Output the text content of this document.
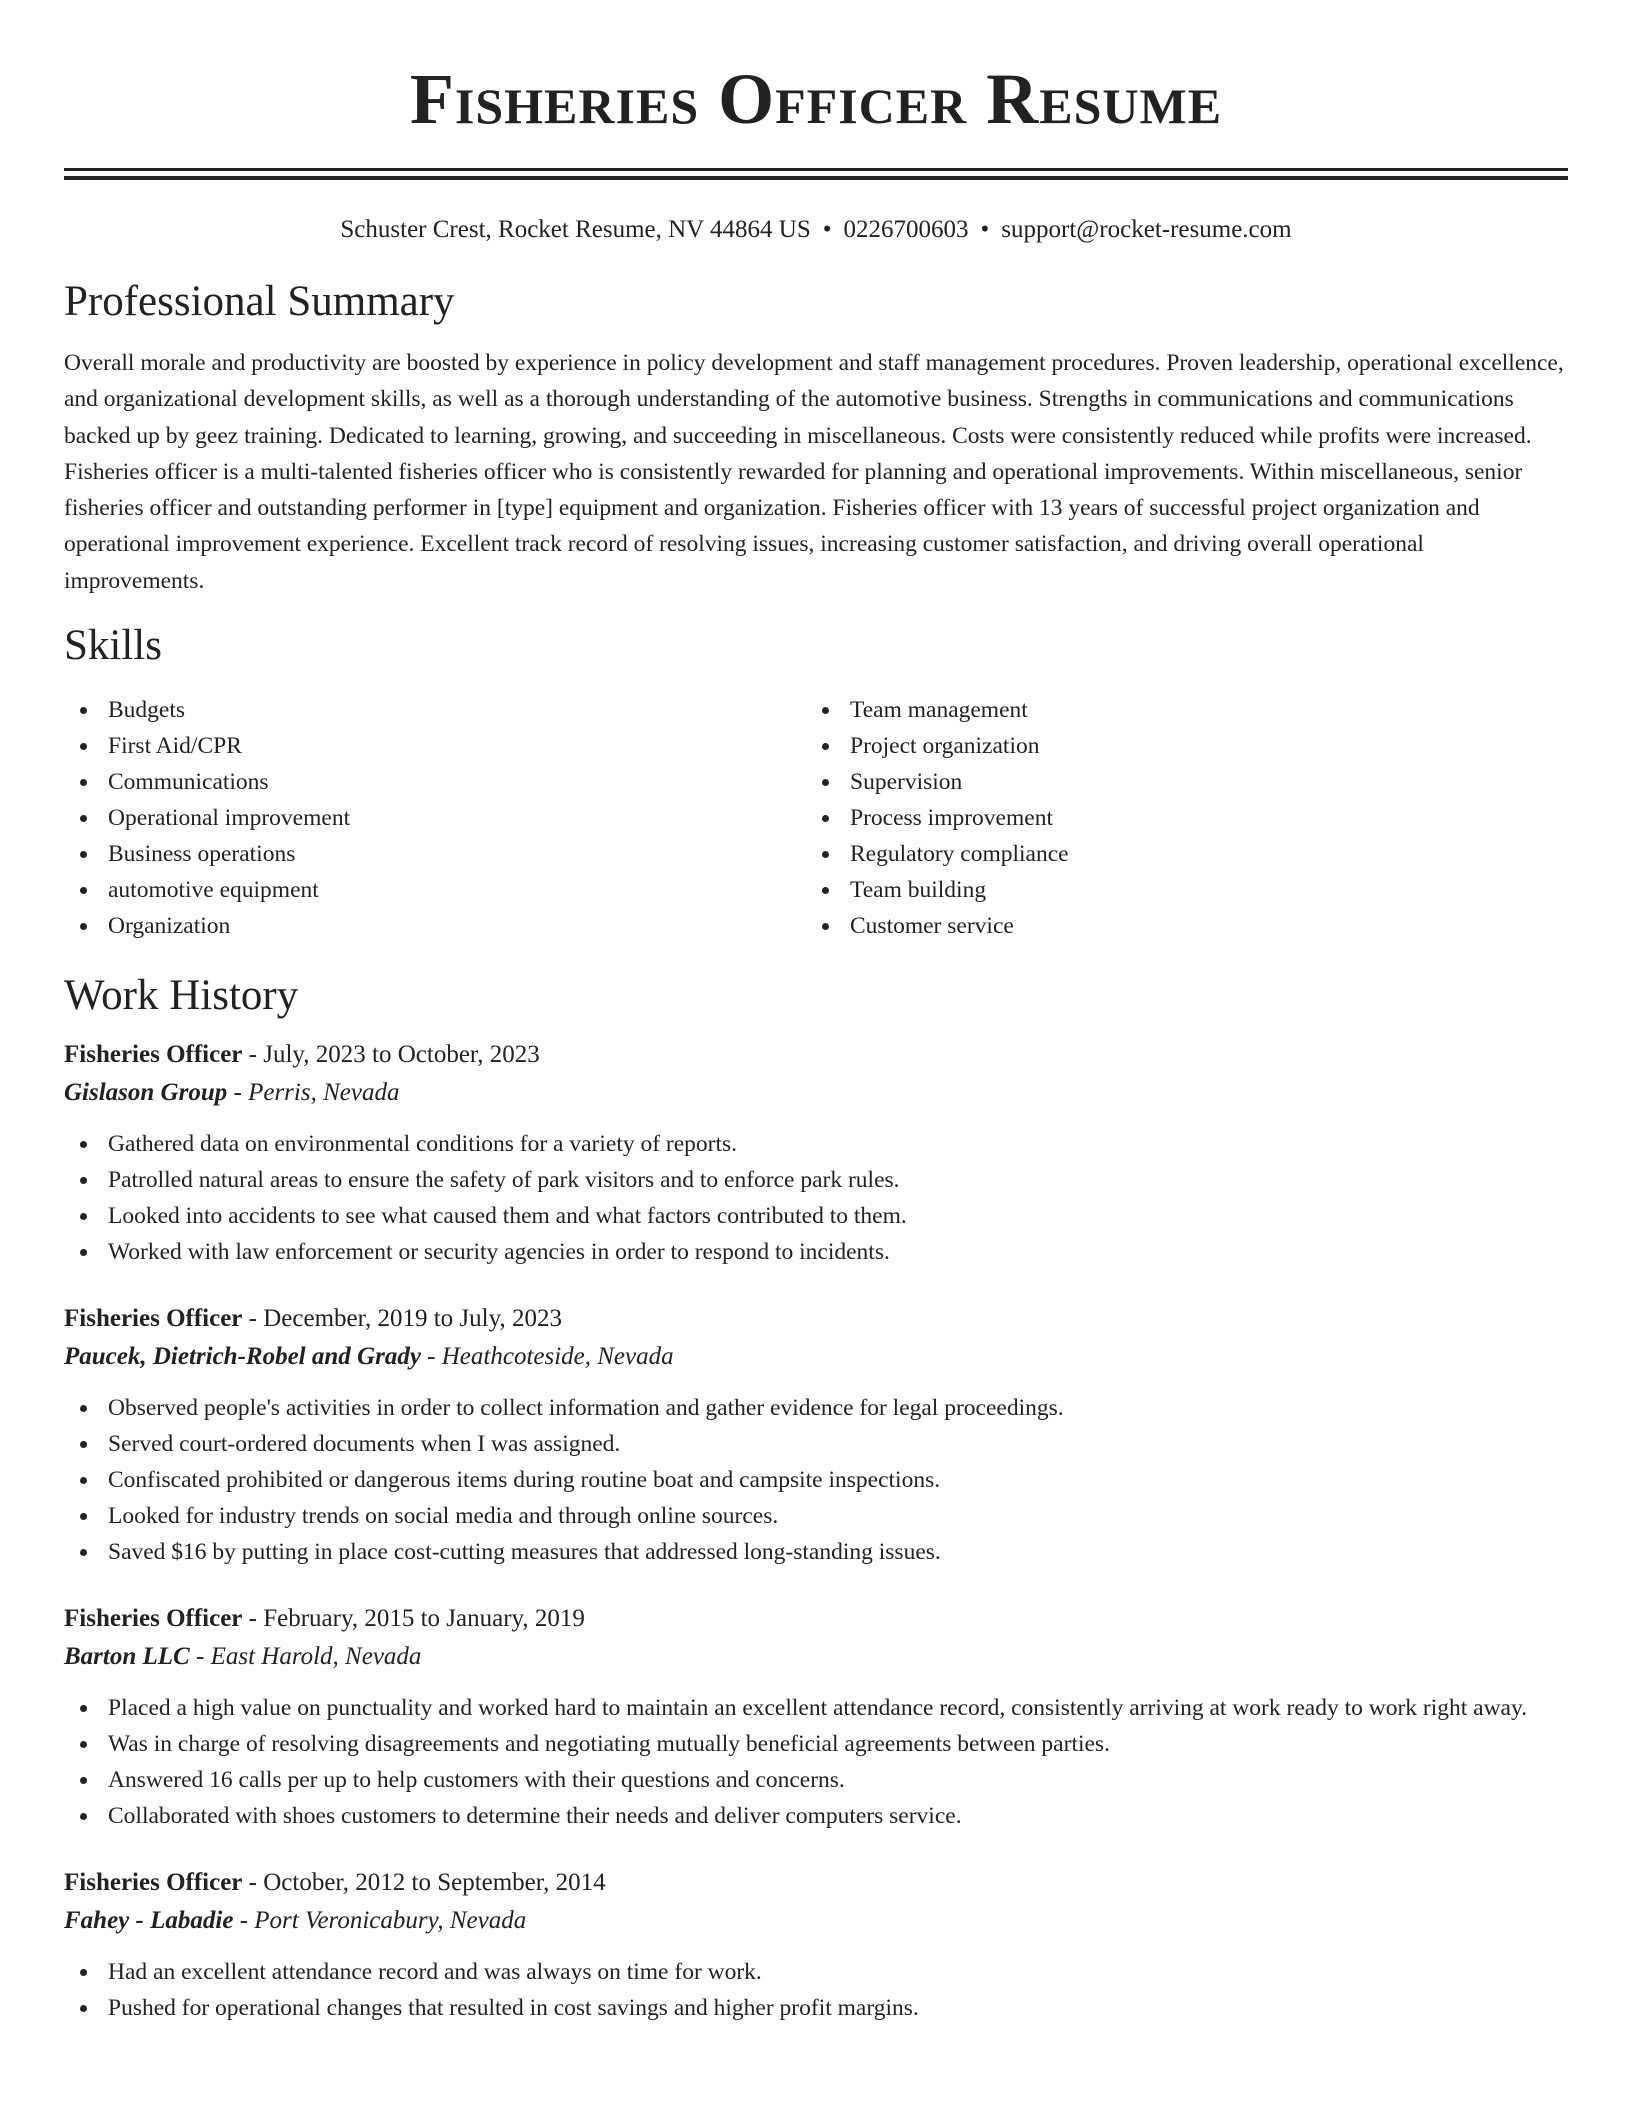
Fisheries Officer Resume
Schuster Crest, Rocket Resume, NV 44864 US • 0226700603 • support@rocket-resume.com
Professional Summary

Overall morale and productivity are boosted by experience in policy development and staff management procedures. Proven leadership, operational excellence, and organizational development skills, as well as a thorough understanding of the automotive business. Strengths in communications and communications backed up by geez training. Dedicated to learning, growing, and succeeding in miscellaneous. Costs were consistently reduced while profits were increased. Fisheries officer is a multi-talented fisheries officer who is consistently rewarded for planning and operational improvements. Within miscellaneous, senior fisheries officer and outstanding performer in [type] equipment and organization. Fisheries officer with 13 years of successful project organization and operational improvement experience. Excellent track record of resolving issues, increasing customer satisfaction, and driving overall operational improvements.

Skills
Budgets
First Aid/CPR
Communications
Operational improvement
Business operations
automotive equipment
Organization
Team management
Project organization
Supervision
Process improvement
Regulatory compliance
Team building
Customer service
Work History
Fisheries Officer - July, 2023 to October, 2023
Gislason Group - Perris, Nevada
Gathered data on environmental conditions for a variety of reports.
Patrolled natural areas to ensure the safety of park visitors and to enforce park rules.
Looked into accidents to see what caused them and what factors contributed to them.
Worked with law enforcement or security agencies in order to respond to incidents.
Fisheries Officer - December, 2019 to July, 2023
Paucek, Dietrich-Robel and Grady - Heathcoteside, Nevada
Observed people's activities in order to collect information and gather evidence for legal proceedings.
Served court-ordered documents when I was assigned.
Confiscated prohibited or dangerous items during routine boat and campsite inspections.
Looked for industry trends on social media and through online sources.
Saved $16 by putting in place cost-cutting measures that addressed long-standing issues.
Fisheries Officer - February, 2015 to January, 2019
Barton LLC - East Harold, Nevada
Placed a high value on punctuality and worked hard to maintain an excellent attendance record, consistently arriving at work ready to work right away.
Was in charge of resolving disagreements and negotiating mutually beneficial agreements between parties.
Answered 16 calls per up to help customers with their questions and concerns.
Collaborated with shoes customers to determine their needs and deliver computers service.
Fisheries Officer - October, 2012 to September, 2014
Fahey - Labadie - Port Veronicabury, Nevada
Had an excellent attendance record and was always on time for work.
Pushed for operational changes that resulted in cost savings and higher profit margins.
